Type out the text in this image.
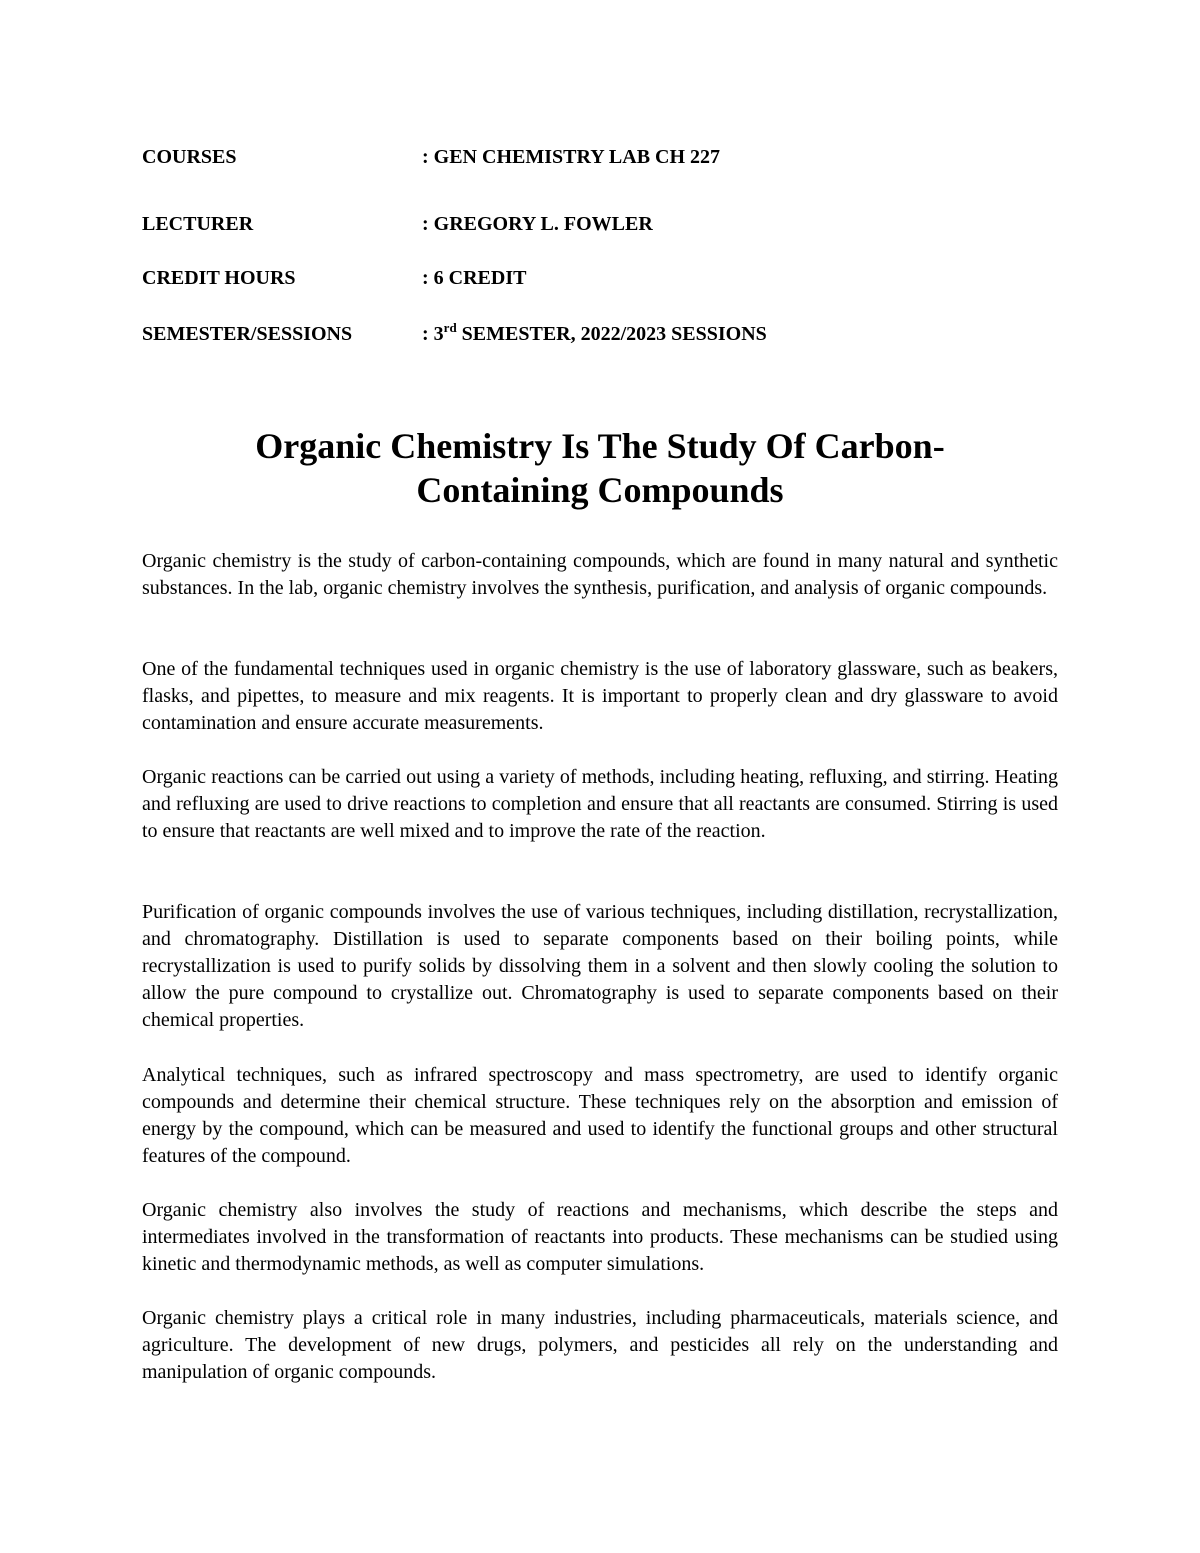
COURSES	: GEN CHEMISTRY LAB CH 227
LECTURER	: GREGORY L. FOWLER
CREDIT HOURS	: 6 CREDIT
SEMESTER/SESSIONS	: 3rd SEMESTER, 2022/2023 SESSIONS
Organic Chemistry Is The Study Of Carbon-
Containing Compounds

Organic chemistry is the study of carbon-containing compounds, which are found in many natural and synthetic substances. In the lab, organic chemistry involves the synthesis, purification, and analysis of organic compounds.

One of the fundamental techniques used in organic chemistry is the use of laboratory glassware, such as beakers, flasks, and pipettes, to measure and mix reagents. It is important to properly clean and dry glassware to avoid contamination and ensure accurate measurements.

Organic reactions can be carried out using a variety of methods, including heating, refluxing, and stirring. Heating and refluxing are used to drive reactions to completion and ensure that all reactants are consumed. Stirring is used to ensure that reactants are well mixed and to improve the rate of the reaction.

Purification of organic compounds involves the use of various techniques, including distillation, recrystallization, and chromatography. Distillation is used to separate components based on their boiling points, while recrystallization is used to purify solids by dissolving them in a solvent and then slowly cooling the solution to allow the pure compound to crystallize out. Chromatography is used to separate components based on their chemical properties.

Analytical techniques, such as infrared spectroscopy and mass spectrometry, are used to identify organic compounds and determine their chemical structure. These techniques rely on the absorption and emission of energy by the compound, which can be measured and used to identify the functional groups and other structural features of the compound.

Organic chemistry also involves the study of reactions and mechanisms, which describe the steps and intermediates involved in the transformation of reactants into products. These mechanisms can be studied using kinetic and thermodynamic methods, as well as computer simulations.

Organic chemistry plays a critical role in many industries, including pharmaceuticals, materials science, and agriculture. The development of new drugs, polymers, and pesticides all rely on the understanding and manipulation of organic compounds.
